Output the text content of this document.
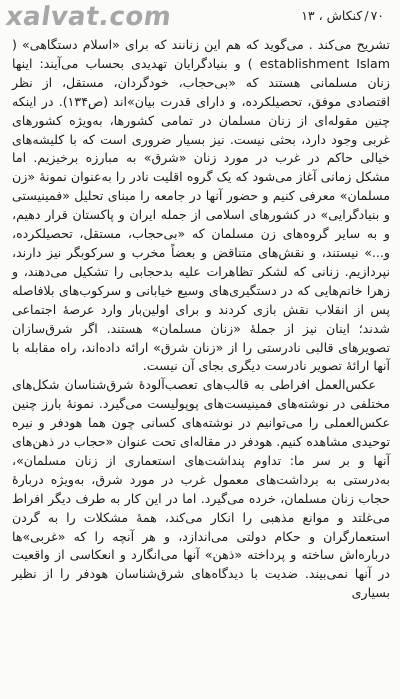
xalvat.com	۷۰/کنکاش ، ۱۳

تشریح می‌کند . می‌گوید که هم این زنانند که برای «اسلام دستگاهی» ( establishment Islam ) و بنیادگرایان تهدیدی بحساب می‌آیند: اینها زنان مسلمانی هستند که «بی‌حجاب، خودگردان، مستقل، از نظر اقتصادی موفق، تحصیلکرده، و دارای قدرت بیان»اند (ص۱۳۴). در اینکه چنین مقوله‌ای از زنان مسلمان در تمامی کشورها، به‌ویژه کشورهای غربی وجود دارد، بحثی نیست. نیز بسیار ضروری است که با کلیشه‌های خیالی حاکم در غرب در مورد زنان «شرق» به مبارزه برخیزیم. اما مشکل زمانی آغاز می‌شود که یک گروه اقلیت نادر را به‌عنوان نمونهٔ «زن مسلمان» معرفی کنیم و حضور آنها در جامعه را مبنای تحلیل «فمینیستی و بنیادگرایی» در کشورهای اسلامی از جمله ایران و پاکستان قرار دهیم، و به سایر گروه‌های زن مسلمان که «بی‌حجاب، مستقل، تحصیلکرده، و...» نیستند، و نقش‌های متناقض و بعضاً مخرب و سرکوبگر نیز دارند، نپردازیم. زنانی که لشکر تظاهرات علیه بدحجابی را تشکیل می‌دهند، و زهرا خانم‌هایی که در دستگیری‌های وسیع خیابانی و سرکوب‌های بلافاصله پس از انقلاب نقش بازی کردند و برای اولین‌بار وارد عرصهٔ اجتماعی شدند؛ اینان نیز از جملهٔ «زنان مسلمان» هستند. اگر شرق‌سازان تصویرهای قالبی نادرستی را از «زنان شرق» ارائه داده‌اند، راه مقابله با آنها ارائهٔ تصویر نادرست دیگری بجای آن نیست.

عکس‌العمل افراطی به قالب‌های تعصب‌آلودهٔ شرق‌شناسان شکل‌های مختلفی در نوشته‌های فمینیست‌های پوپولیست می‌گیرد. نمونهٔ بارز چنین عکس‌العملی را می‌توانیم در نوشته‌های کسانی چون هما هودفر و نیره توحیدی مشاهده کنیم. هودفر در مقاله‌ای تحت عنوان «حجاب در ذهن‌های آنها و بر سر ما: تداوم پنداشت‌های استعماری از زنان مسلمان»، به‌درستی به برداشت‌های معمول غرب در مورد شرق، به‌ویژه دربارهٔ حجاب زنان مسلمان، خرده می‌گیرد. اما در این کار به طرف دیگر افراط می‌غلتد و موانع مذهبی را انکار می‌کند، همهٔ مشکلات را به گردن استعمارگران و حکام دولتی می‌اندازد، و هر آنچه را که «غربی»ها درباره‌اش ساخته و پرداخته «ذهن» آنها می‌انگارد و انعکاسی از واقعیت در آنها نمی‌بیند. ضدیت با دیدگاه‌های شرق‌شناسان هودفر را از نظیر بسیاری
